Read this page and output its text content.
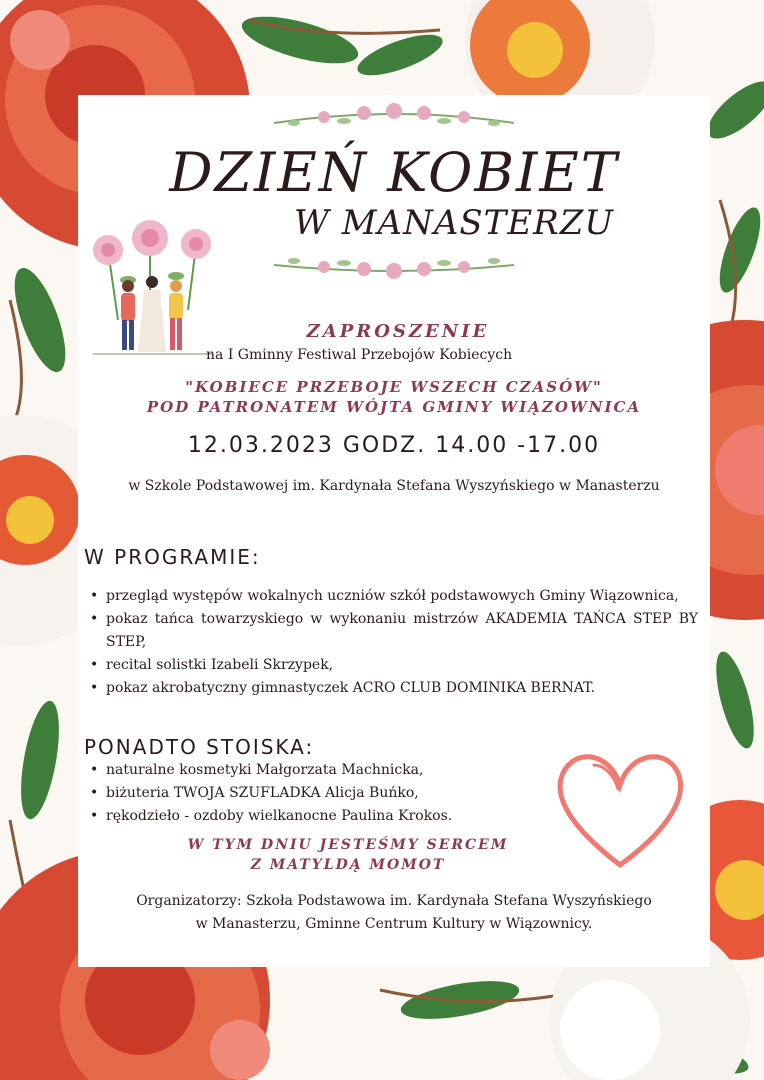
DZIEŃ KOBIET
W MANASTERZU
ZAPROSZENIE
na I Gminny Festiwal Przebojów Kobiecych
"KOBIECE PRZEBOJE WSZECH CZASÓW"
POD PATRONATEM WÓJTA GMINY WIĄZOWNICA
12.03.2023 GODZ. 14.00 -17.00
w Szkole Podstawowej im. Kardynała Stefana Wyszyńskiego w Manasterzu
W PROGRAMIE:
• przegląd występów wokalnych uczniów szkół podstawowych Gminy Wiązownica,
• pokaz tańca towarzyskiego w wykonaniu mistrzów AKADEMIA TAŃCA STEP BY STEP,
• recital solistki Izabeli Skrzypek,
• pokaz akrobatyczny gimnastyczek ACRO CLUB DOMINIKA BERNAT.
PONADTO STOISKA:
• naturalne kosmetyki Małgorzata Machnicka,
• biżuteria TWOJA SZUFLADKA Alicja Buńko,
• rękodzieło - ozdoby wielkanocne Paulina Krokos.
W TYM DNIU JESTEŚMY SERCEM
Z MATYLDĄ MOMOT
Organizatorzy: Szkoła Podstawowa im. Kardynała Stefana Wyszyńskiego
w Manasterzu, Gminne Centrum Kultury w Wiązownicy.
